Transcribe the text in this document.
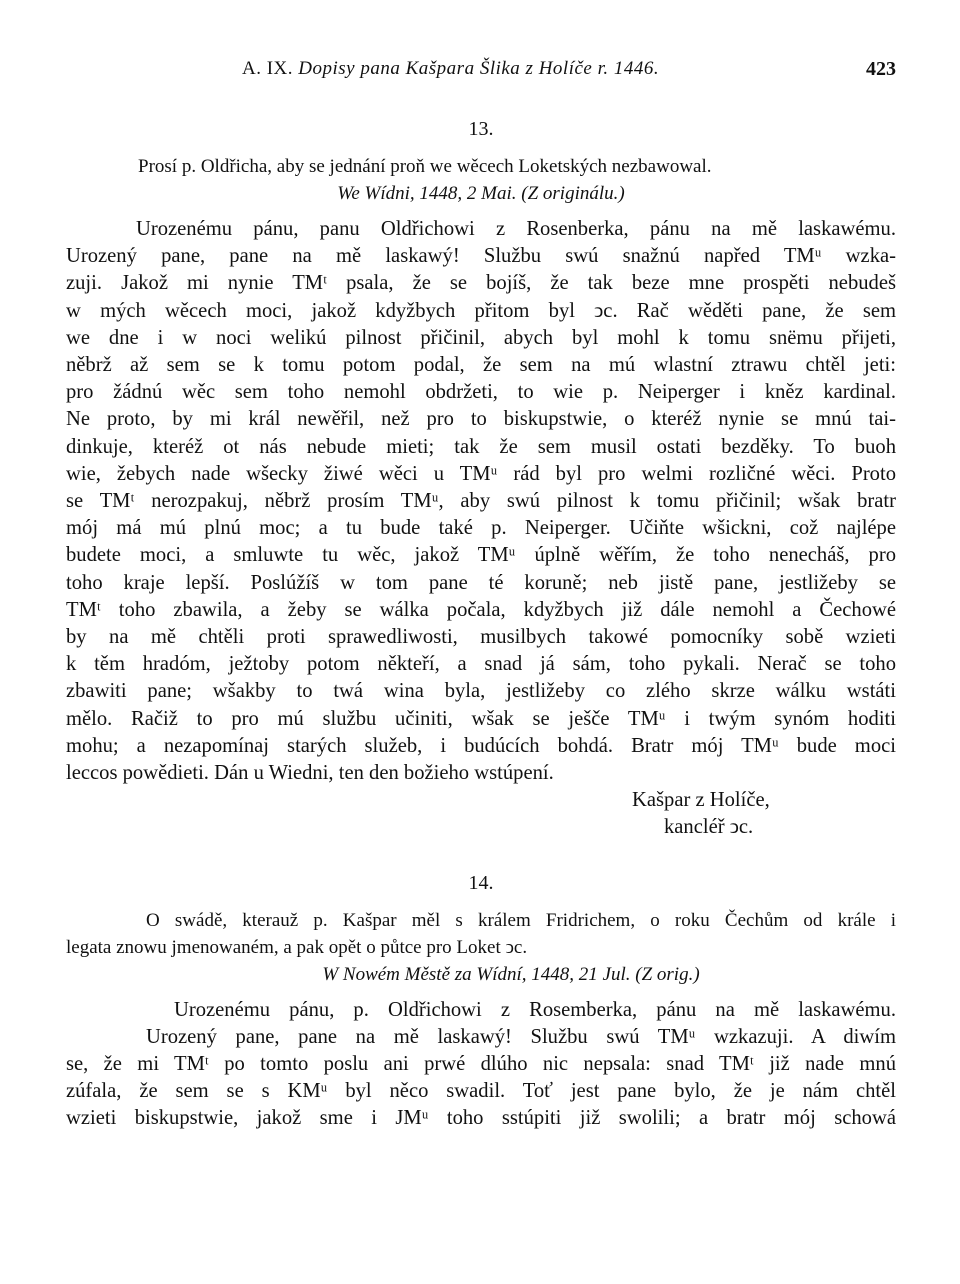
A. IX. Dopisy pana Kašpara Šlika z Holíče r. 1446.	423
13.

Prosí p. Oldřicha, aby se jednání proň we wěcech Loketských nezbawowal.

We Wídni, 1448, 2 Mai. (Z originálu.)

Urozenému pánu, panu Oldřichowi z Rosenberka, pánu na mě laskawému.
Urozený pane, pane na mě laskawý! Službu swú snažnú napřed TMᵘ wzka-
zuji. Jakož mi nynie TMᵗ psala, že se bojíš, že tak beze mne prospěti nebudeš
w mých wěcech moci, jakož kdyžbych přitom byl ↄc. Rač wěděti pane, že sem
we dne i w noci welikú pilnost přičinil, abych byl mohl k tomu snёmu přijeti,
něbrž až sem se k tomu potom podal, že sem na mú wlastní ztrawu chtěl jeti:
pro žádnú wěc sem toho nemohl obdržeti, to wie p. Neiperger i kněz kardinal.
Ne proto, by mi král newěřil, než pro to biskupstwie, o kteréž nynie se mnú tai-
dinkuje, kteréž ot nás nebude mieti; tak že sem musil ostati bezděky. To buoh
wie, žebych nade wšecky žiwé wěci u TMᵘ rád byl pro welmi rozličné wěci. Proto
se TMᵗ nerozpakuj, něbrž prosím TMᵘ, aby swú pilnost k tomu přičinil; wšak bratr
mój má mú plnú moc; a tu bude také p. Neiperger. Učiňte wšickni, což najlépe
budete moci, a smluwte tu wěc, jakož TMᵘ úplně wěřím, že toho nenecháš, pro
toho kraje lepší. Poslúžíš w tom pane té koruně; neb jistě pane, jestližeby se
TMᵗ toho zbawila, a žeby se wálka počala, kdyžbych již dále nemohl a Čechowé
by na mě chtěli proti sprawedliwosti, musilbych takowé pomocníky sobě wzieti
k těm hradóm, ježtoby potom někteří, a snad já sám, toho pykali. Nerač se toho
zbawiti pane; wšakby to twá wina byla, jestližeby co zlého skrze wálku wstáti
mělo. Račiž to pro mú službu učiniti, wšak se ješče TMᵘ i twým synóm hoditi
mohu; a nezapomínaj starých služeb, i budúcích bohdá. Bratr mój TMᵘ bude moci
leccos powědieti. Dán u Wiedni, ten den božieho wstúpení.
Kašpar z Holíče,
kancléř ↄc.
14.

O swádě, kterauž p. Kašpar měl s králem Fridrichem, o roku Čechům od krále i

legata znowu jmenowaném, a pak opět o půtce pro Loket ↄc.

W Nowém Městě za Wídní, 1448, 21 Jul. (Z orig.)

Urozenému pánu, p. Oldřichowi z Rosemberka, pánu na mě laskawému.
Urozený pane, pane na mě laskawý! Službu swú TMᵘ wzkazuji. A diwím
se, že mi TMᵗ po tomto poslu ani prwé dlúho nic nepsala: snad TMᵗ již nade mnú
zúfala, že sem se s KMᵘ byl něco swadil. Toť jest pane bylo, že je nám chtěl
wzieti biskupstwie, jakož sme i JMᵘ toho sstúpiti již swolili; a bratr mój schowá
